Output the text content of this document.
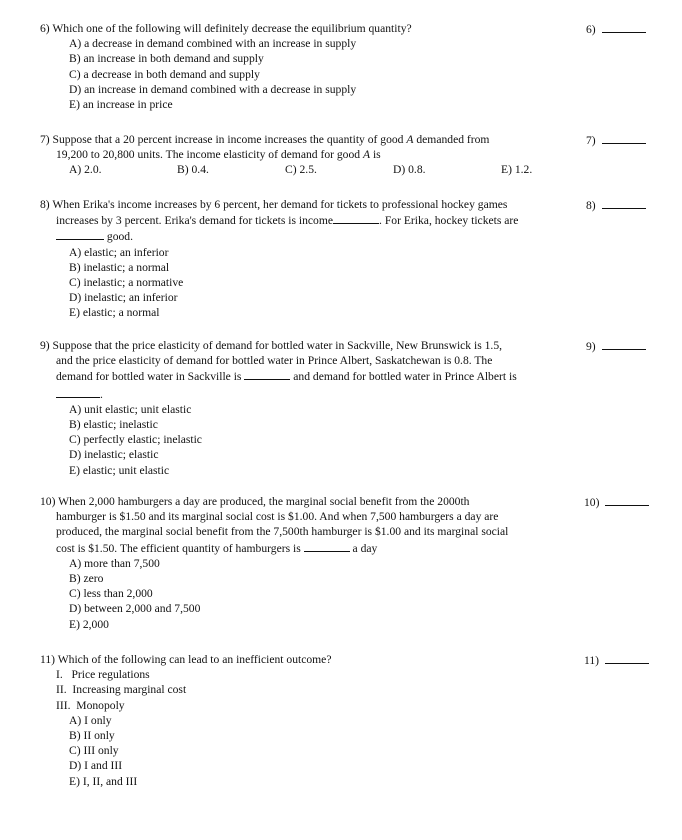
6) Which one of the following will definitely decrease the equilibrium quantity?

A) a decrease in demand combined with an increase in supply
B) an increase in both demand and supply
C) a decrease in both demand and supply
D) an increase in demand combined with a decrease in supply
E) an increase in price
6)

7) Suppose that a 20 percent increase in income increases the quantity of good A demanded from
19,200 to 20,800 units. The income elasticity of demand for good A is

A) 2.0.	B) 0.4.	C) 2.5.	D) 0.8.	E) 1.2.
7)

8) When Erika's income increases by 6 percent, her demand for tickets to professional hockey games
increases by 3 percent. Erika's demand for tickets is income	. For Erika, hockey tickets are
good.

A) elastic; an inferior
B) inelastic; a normal
C) inelastic; a normative
D) inelastic; an inferior
E) elastic; a normal
8)

9) Suppose that the price elasticity of demand for bottled water in Sackville, New Brunswick is 1.5,
and the price elasticity of demand for bottled water in Prince Albert, Saskatchewan is 0.8. The
demand for bottled water in Sackville is	and demand for bottled water in Prince Albert is
.

A) unit elastic; unit elastic
B) elastic; inelastic
C) perfectly elastic; inelastic
D) inelastic; elastic
E) elastic; unit elastic
9)

10) When 2,000 hamburgers a day are produced, the marginal social benefit from the 2000th
hamburger is $1.50 and its marginal social cost is $1.00. And when 7,500 hamburgers a day are
produced, the marginal social benefit from the 7,500th hamburger is $1.00 and its marginal social
cost is $1.50. The efficient quantity of hamburgers is	a day

A) more than 7,500
B) zero
C) less than 2,000
D) between 2,000 and 7,500
E) 2,000
10)

11) Which of the following can lead to an inefficient outcome?
I.   Price regulations
II.  Increasing marginal cost
III.  Monopoly

A) I only
B) II only
C) III only
D) I and III
E) I, II, and III
11)
